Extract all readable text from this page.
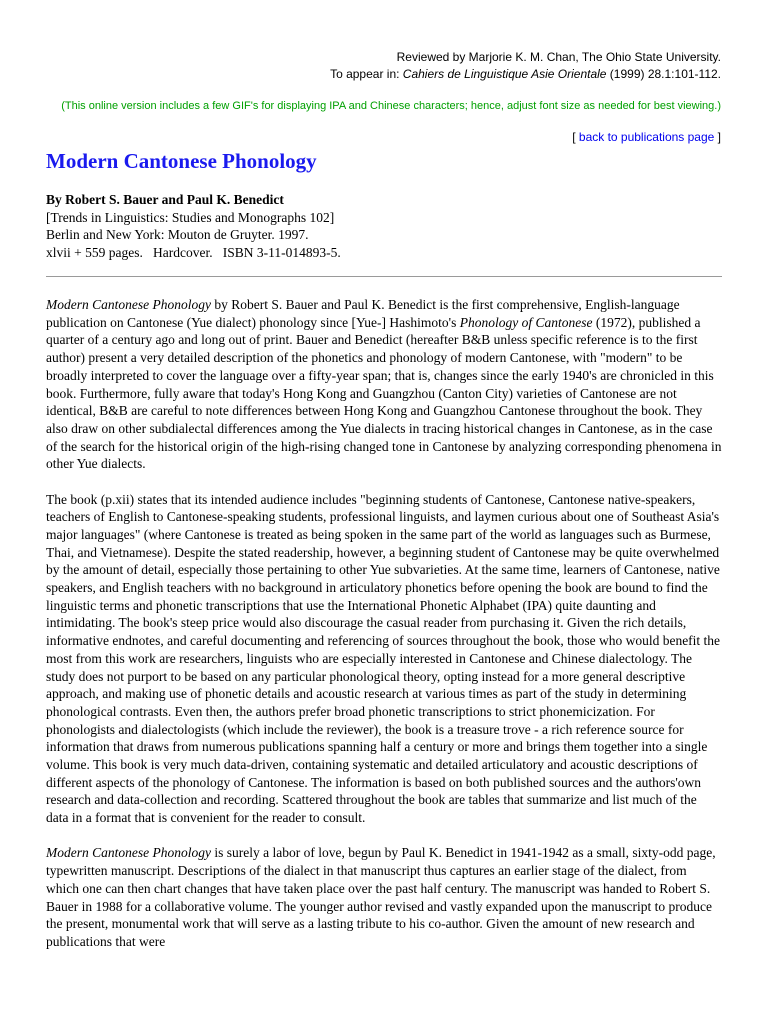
Reviewed by Marjorie K. M. Chan, The Ohio State University.
To appear in: Cahiers de Linguistique Asie Orientale (1999) 28.1:101-112.
(This online version includes a few GIF's for displaying IPA and Chinese characters; hence, adjust font size as needed for best viewing.)
[ back to publications page ]
Modern Cantonese Phonology
By Robert S. Bauer and Paul K. Benedict
[Trends in Linguistics: Studies and Monographs 102]
Berlin and New York: Mouton de Gruyter. 1997.
xlvii + 559 pages.   Hardcover.   ISBN 3-11-014893-5.

Modern Cantonese Phonology by Robert S. Bauer and Paul K. Benedict is the first comprehensive, English-language publication on Cantonese (Yue dialect) phonology since [Yue-] Hashimoto's Phonology of Cantonese (1972), published a quarter of a century ago and long out of print. Bauer and Benedict (hereafter B&B unless specific reference is to the first author) present a very detailed description of the phonetics and phonology of modern Cantonese, with "modern" to be broadly interpreted to cover the language over a fifty-year span; that is, changes since the early 1940's are chronicled in this book. Furthermore, fully aware that today's Hong Kong and Guangzhou (Canton City) varieties of Cantonese are not identical, B&B are careful to note differences between Hong Kong and Guangzhou Cantonese throughout the book. They also draw on other subdialectal differences among the Yue dialects in tracing historical changes in Cantonese, as in the case of the search for the historical origin of the high-rising changed tone in Cantonese by analyzing corresponding phenomena in other Yue dialects.

The book (p.xii) states that its intended audience includes "beginning students of Cantonese, Cantonese native-speakers, teachers of English to Cantonese-speaking students, professional linguists, and laymen curious about one of Southeast Asia's major languages" (where Cantonese is treated as being spoken in the same part of the world as languages such as Burmese, Thai, and Vietnamese). Despite the stated readership, however, a beginning student of Cantonese may be quite overwhelmed by the amount of detail, especially those pertaining to other Yue subvarieties. At the same time, learners of Cantonese, native speakers, and English teachers with no background in articulatory phonetics before opening the book are bound to find the linguistic terms and phonetic transcriptions that use the International Phonetic Alphabet (IPA) quite daunting and intimidating. The book's steep price would also discourage the casual reader from purchasing it. Given the rich details, informative endnotes, and careful documenting and referencing of sources throughout the book, those who would benefit the most from this work are researchers, linguists who are especially interested in Cantonese and Chinese dialectology. The study does not purport to be based on any particular phonological theory, opting instead for a more general descriptive approach, and making use of phonetic details and acoustic research at various times as part of the study in determining phonological contrasts. Even then, the authors prefer broad phonetic transcriptions to strict phonemicization. For phonologists and dialectologists (which include the reviewer), the book is a treasure trove - a rich reference source for information that draws from numerous publications spanning half a century or more and brings them together into a single volume. This book is very much data-driven, containing systematic and detailed articulatory and acoustic descriptions of different aspects of the phonology of Cantonese. The information is based on both published sources and the authors'own research and data-collection and recording. Scattered throughout the book are tables that summarize and list much of the data in a format that is convenient for the reader to consult.

Modern Cantonese Phonology is surely a labor of love, begun by Paul K. Benedict in 1941-1942 as a small, sixty-odd page, typewritten manuscript. Descriptions of the dialect in that manuscript thus captures an earlier stage of the dialect, from which one can then chart changes that have taken place over the past half century. The manuscript was handed to Robert S. Bauer in 1988 for a collaborative volume. The younger author revised and vastly expanded upon the manuscript to produce the present, monumental work that will serve as a lasting tribute to his co-author. Given the amount of new research and publications that were
